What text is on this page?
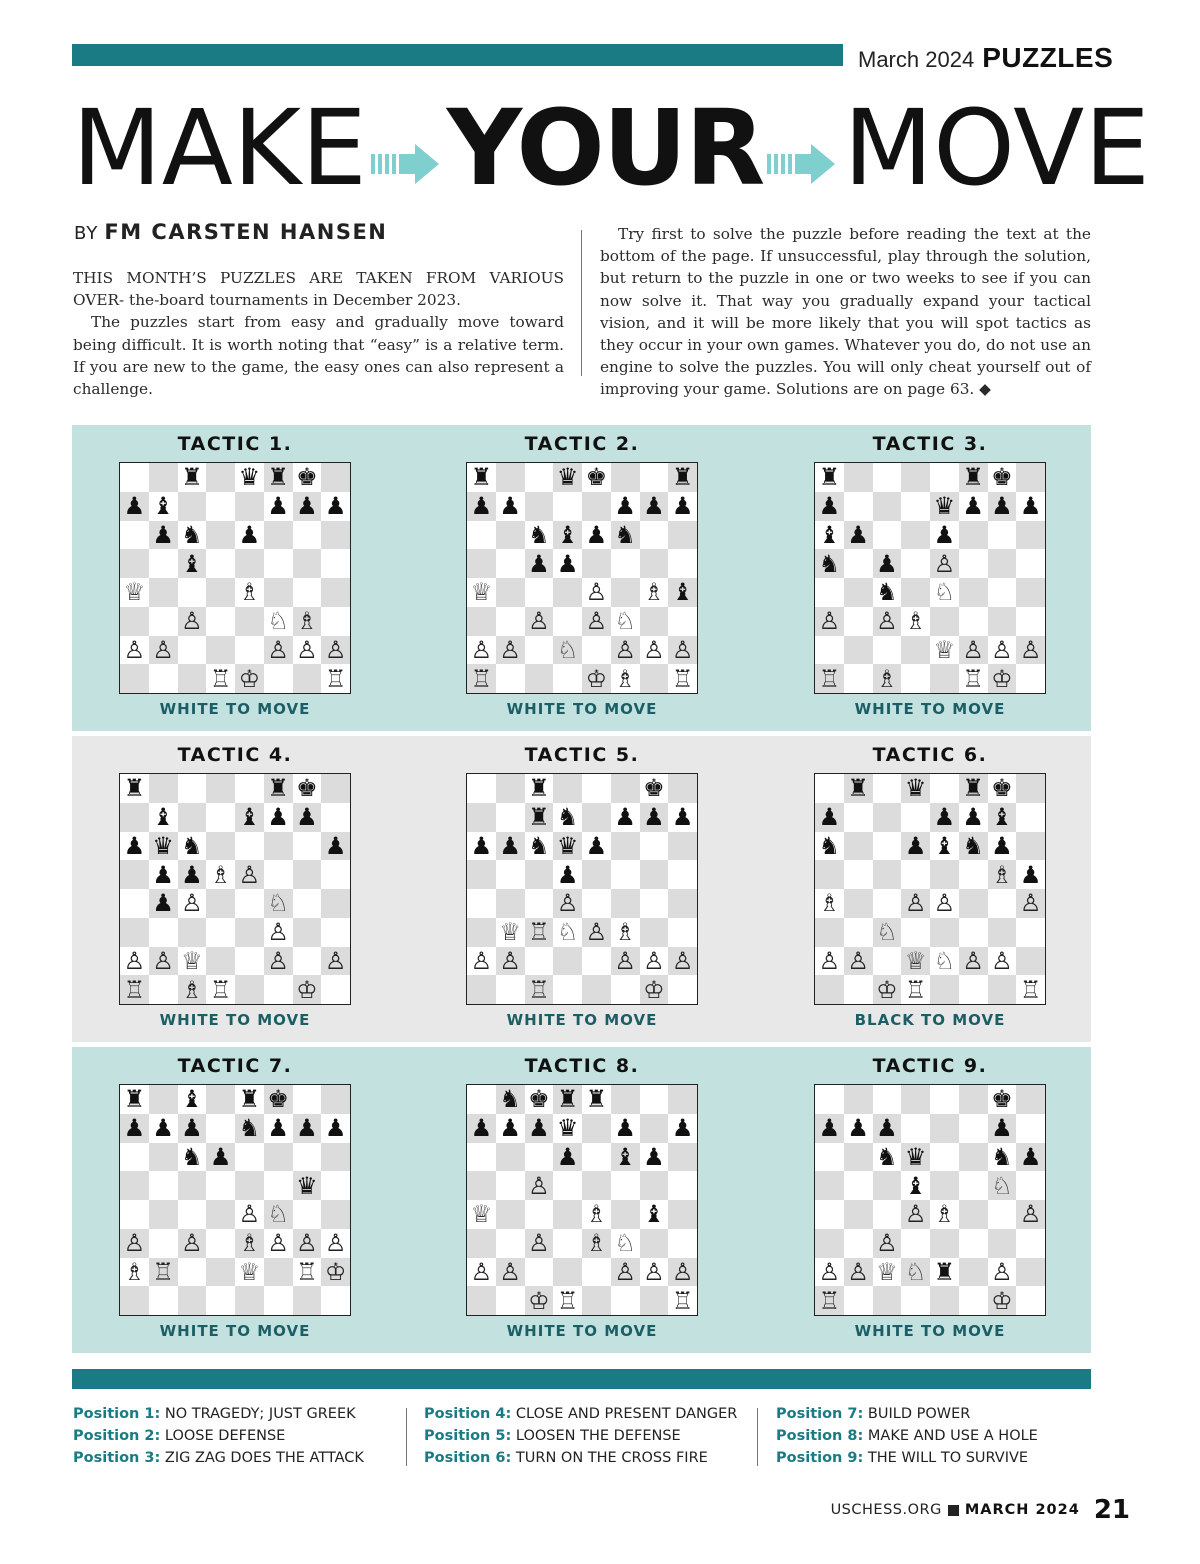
March 2024 PUZZLES
MAKE YOUR MOVE
BY FM CARSTEN HANSEN

THIS MONTH’S PUZZLES ARE TAKEN FROM VARIOUS OVER- the-board tournaments in December 2023.

The puzzles start from easy and gradually move toward being difficult. It is worth noting that “easy” is a relative term. If you are new to the game, the easy ones can also represent a challenge.

Try first to solve the puzzle before reading the text at the bottom of the page. If unsuccessful, play through the solution, but return to the puzzle in one or two weeks to see if you can now solve it. That way you gradually expand your tactical vision, and it will be more likely that you will spot tactics as they occur in your own games. Whatever you do, do not use an engine to solve the puzzles. You will only cheat yourself out of improving your game. Solutions are on page 63. ◆

TACTIC 1.
♜ ♛ ♜ ♚
♟ ♝	♟ ♟ ♟
♟ ♞ ♟
♝
♕	♗
♙	♘ ♗
♙ ♙	♙ ♙ ♙
♖ ♔	♖
WHITE TO MOVE
TACTIC 2.
♜	♛ ♚	♜
♟ ♟	♟ ♟ ♟
♞ ♝ ♟ ♞
♟ ♟
♕	♙ ♗ ♝
♙ ♙ ♘
♙ ♙ ♘ ♙ ♙ ♙
♖	♔ ♗ ♖
WHITE TO MOVE
TACTIC 3.
♜	♜ ♚
♟	♛ ♟ ♟ ♟
♝ ♟	♟
♞ ♟ ♙
♞ ♘
♙ ♙ ♗
♕ ♙ ♙ ♙
♖ ♗	♖ ♔
WHITE TO MOVE
TACTIC 4.
♜	♜ ♚
♝	♝ ♟ ♟
♟ ♛ ♞	♟
♟ ♟ ♗ ♙
♟ ♙	♘
♙
♙ ♙ ♕	♙ ♙
♖ ♗ ♖	♔
WHITE TO MOVE
TACTIC 5.
♜	♚
♜ ♞ ♟ ♟ ♟
♟ ♟ ♞ ♛ ♟
♟
♙
♕ ♖ ♘ ♙ ♗
♙ ♙	♙ ♙ ♙
♖	♔
WHITE TO MOVE
TACTIC 6.
♜ ♛ ♜ ♚
♟	♟ ♟ ♝
♞	♟ ♝ ♞ ♟
♗ ♟
♗	♙ ♙	♙
♘
♙ ♙ ♕ ♘ ♙ ♙
♔ ♖	♖
BLACK TO MOVE
TACTIC 7.
♜ ♝ ♜ ♚
♟ ♟ ♟ ♞ ♟ ♟ ♟
♞ ♟
♛
♙ ♘
♙ ♙ ♗ ♙ ♙ ♙
♗ ♖	♕ ♖ ♔
WHITE TO MOVE
TACTIC 8.
♞ ♚ ♜ ♜
♟ ♟ ♟ ♛ ♟ ♟
♟ ♝ ♟
♙
♕	♗ ♝
♙ ♗ ♘
♙ ♙	♙ ♙ ♙
♔ ♖	♖
WHITE TO MOVE
TACTIC 9.
♚
♟ ♟ ♟	♟
♞ ♛	♞ ♟
♝	♘
♙ ♗	♙
♙
♙ ♙ ♕ ♘ ♜ ♙
♖	♔
WHITE TO MOVE
Position 1: NO TRAGEDY; JUST GREEK
Position 2: LOOSE DEFENSE
Position 3: ZIG ZAG DOES THE ATTACK
Position 4: CLOSE AND PRESENT DANGER
Position 5: LOOSEN THE DEFENSE
Position 6: TURN ON THE CROSS FIRE
Position 7: BUILD POWER
Position 8: MAKE AND USE A HOLE
Position 9: THE WILL TO SURVIVE
USCHESS.ORG MARCH 2024 21
